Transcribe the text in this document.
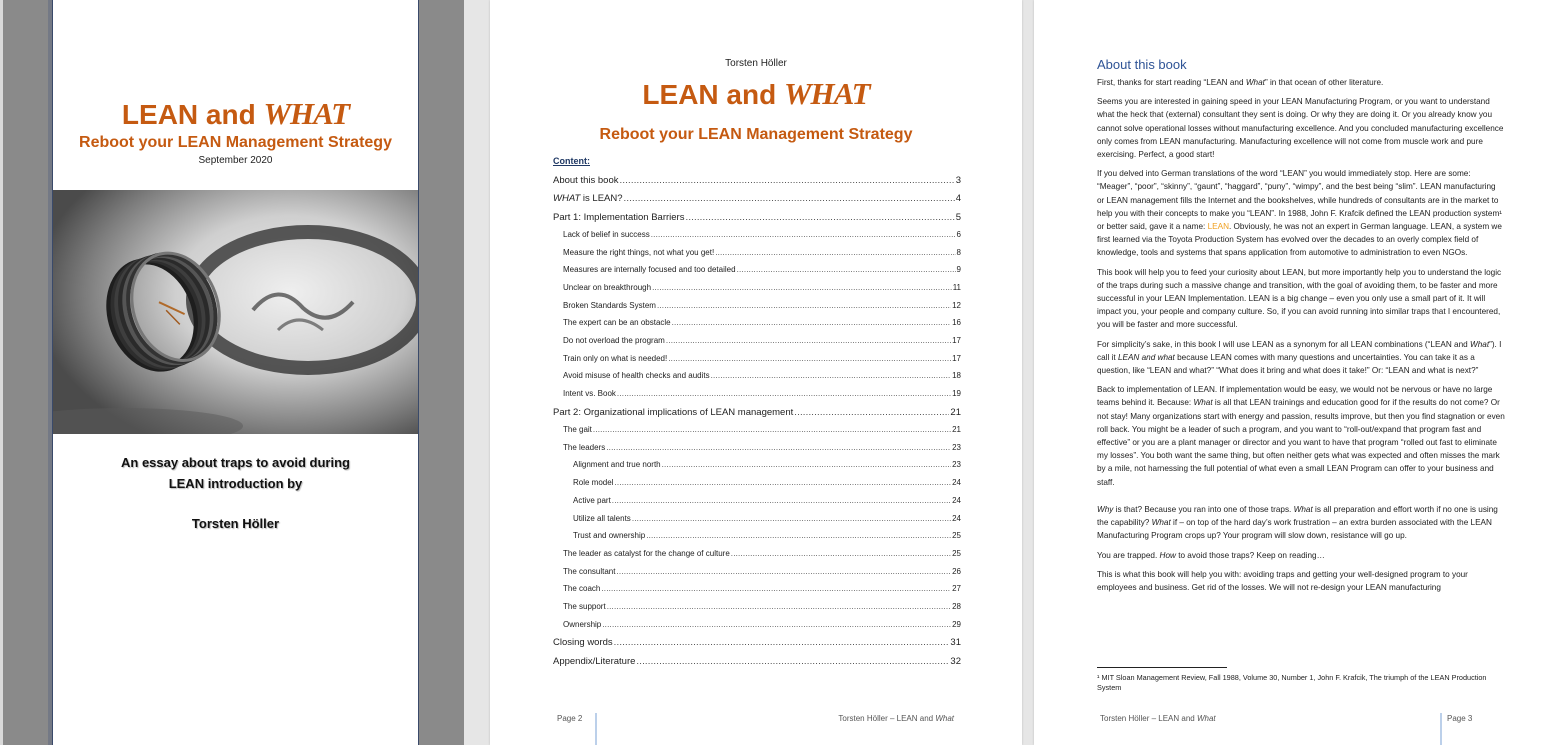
LEAN and WHAT
Reboot your LEAN Management Strategy
September 2020
An essay about traps to avoid during
LEAN introduction by
Torsten Höller
Torsten Höller
LEAN and WHAT
Reboot your LEAN Management Strategy
Content:
About this book .....	3
WHAT is LEAN? .....	4
Part 1: Implementation Barriers .....	5
Lack of belief in success .....	6
Measure the right things, not what you get! .....	8
Measures are internally focused and too detailed .....	9
Unclear on breakthrough .....	11
Broken Standards System .....	12
The expert can be an obstacle .....	16
Do not overload the program .....	17
Train only on what is needed! .....	17
Avoid misuse of health checks and audits .....	18
Intent vs. Book .....	19
Part 2: Organizational implications of LEAN management .....	21
The gait .....	21
The leaders .....	23
Alignment and true north .....	23
Role model .....	24
Active part .....	24
Utilize all talents .....	24
Trust and ownership .....	25
The leader as catalyst for the change of culture .....	25
The consultant .....	26
The coach .....	27
The support .....	28
Ownership .....	29
Closing words .....	31
Appendix/Literature .....	32
Page 2	Torsten Höller – LEAN and What
About this book

First, thanks for start reading “LEAN and What” in that ocean of other literature.

Seems you are interested in gaining speed in your LEAN Manufacturing Program, or you want to understand what the heck that (external) consultant they sent is doing. Or why they are doing it. Or you already know you cannot solve operational losses without manufacturing excellence. And you concluded manufacturing excellence only comes from LEAN manufacturing. Manufacturing excellence will not come from muscle work and pure exercising. Perfect, a good start!

If you delved into German translations of the word “LEAN” you would immediately stop. Here are some: “Meager”, “poor”, “skinny”, “gaunt”, “haggard”, “puny”, “wimpy”, and the best being “slim”. LEAN manufacturing or LEAN management fills the Internet and the bookshelves, while hundreds of consultants are in the market to help you with their concepts to make you “LEAN”. In 1988, John F. Krafcik defined the LEAN production system¹ or better said, gave it a name: LEAN. Obviously, he was not an expert in German language. LEAN, a system we first learned via the Toyota Production System has evolved over the decades to an overly complex field of knowledge, tools and systems that spans application from automotive to administration to even NGOs.

This book will help you to feed your curiosity about LEAN, but more importantly help you to understand the logic of the traps during such a massive change and transition, with the goal of avoiding them, to be faster and more successful in your LEAN Implementation. LEAN is a big change – even you only use a small part of it. It will impact you, your people and company culture. So, if you can avoid running into similar traps that I encountered, you will be faster and more successful.

For simplicity’s sake, in this book I will use LEAN as a synonym for all LEAN combinations (“LEAN and What”). I call it LEAN and what because LEAN comes with many questions and uncertainties. You can take it as a question, like “LEAN and what?” “What does it bring and what does it take!” Or: “LEAN and what is next?”

Back to implementation of LEAN. If implementation would be easy, we would not be nervous or have no large teams behind it. Because: What is all that LEAN trainings and education good for if the results do not come? Or not stay! Many organizations start with energy and passion, results improve, but then you find stagnation or even roll back. You might be a leader of such a program, and you want to “roll-out/expand that program fast and effective” or you are a plant manager or director and you want to have that program “rolled out fast to eliminate my losses”. You both want the same thing, but often neither gets what was expected and often misses the mark by a mile, not harnessing the full potential of what even a small LEAN Program can offer to your business and staff.

Why is that? Because you ran into one of those traps. What is all preparation and effort worth if no one is using the capability? What if – on top of the hard day’s work frustration – an extra burden associated with the LEAN Manufacturing Program crops up? Your program will slow down, resistance will go up.

You are trapped. How to avoid those traps? Keep on reading…

This is what this book will help you with: avoiding traps and getting your well-designed program to your employees and business. Get rid of the losses. We will not re-design your LEAN manufacturing

¹ MIT Sloan Management Review, Fall 1988, Volume 30, Number 1, John F. Krafcik, The triumph of the LEAN Production System
Torsten Höller – LEAN and What	Page 3
